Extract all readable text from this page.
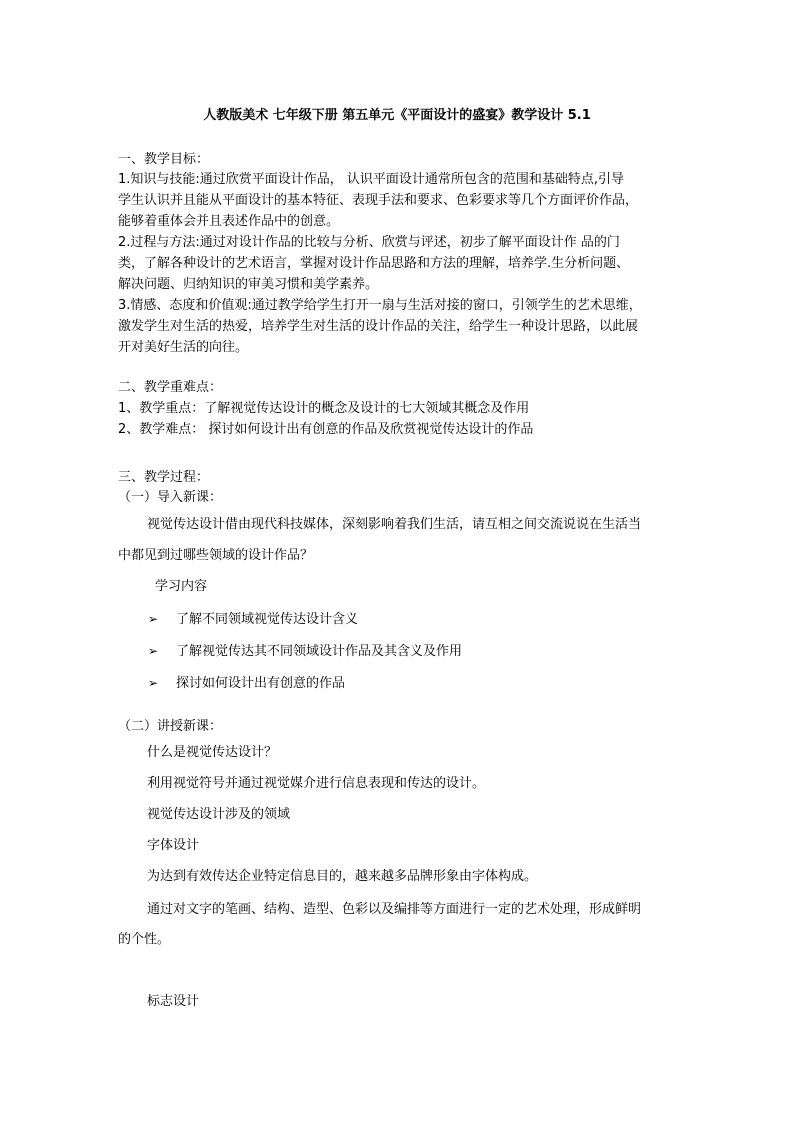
人教版美术 七年级下册 第五单元《平面设计的盛宴》教学设计 5.1
一、教学目标：
1.知识与技能:通过欣赏平面设计作品， 认识平面设计通常所包含的范围和基础特点,引导
学生认识并且能从平面设计的基本特征、表现手法和要求、色彩要求等几个方面评价作品，
能够着重体会并且表述作品中的创意。
2.过程与方法:通过对设计作品的比较与分析、欣赏与评述，初步了解平面设计作 品的门
类，了解各种设计的艺术语言，掌握对设计作品思路和方法的理解，培养学.生分析问题、
解决问题、归纳知识的审美习惯和美学素养。
3.情感、态度和价值观:通过教学给学生打开一扇与生活对接的窗口，引领学生的艺术思维，
激发学生对生活的热爱，培养学生对生活的设计作品的关注，给学生一种设计思路，以此展
开对美好生活的向往。
二、教学重难点：
1、教学重点：了解视觉传达设计的概念及设计的七大领域其概念及作用
2、教学难点： 探讨如何设计出有创意的作品及欣赏视觉传达设计的作品
三、教学过程：
（一）导入新课：
视觉传达设计借由现代科技媒体，深刻影响着我们生活，请互相之间交流说说在生活当
中都见到过哪些领域的设计作品？
学习内容
➢ 了解不同领域视觉传达设计含义
➢ 了解视觉传达其不同领域设计作品及其含义及作用
➢ 探讨如何设计出有创意的作品
（二）讲授新课：
什么是视觉传达设计？
利用视觉符号并通过视觉媒介进行信息表现和传达的设计。
视觉传达设计涉及的领域
字体设计
为达到有效传达企业特定信息目的，越来越多品牌形象由字体构成。
通过对文字的笔画、结构、造型、色彩以及编排等方面进行一定的艺术处理，形成鲜明
的个性。
标志设计
